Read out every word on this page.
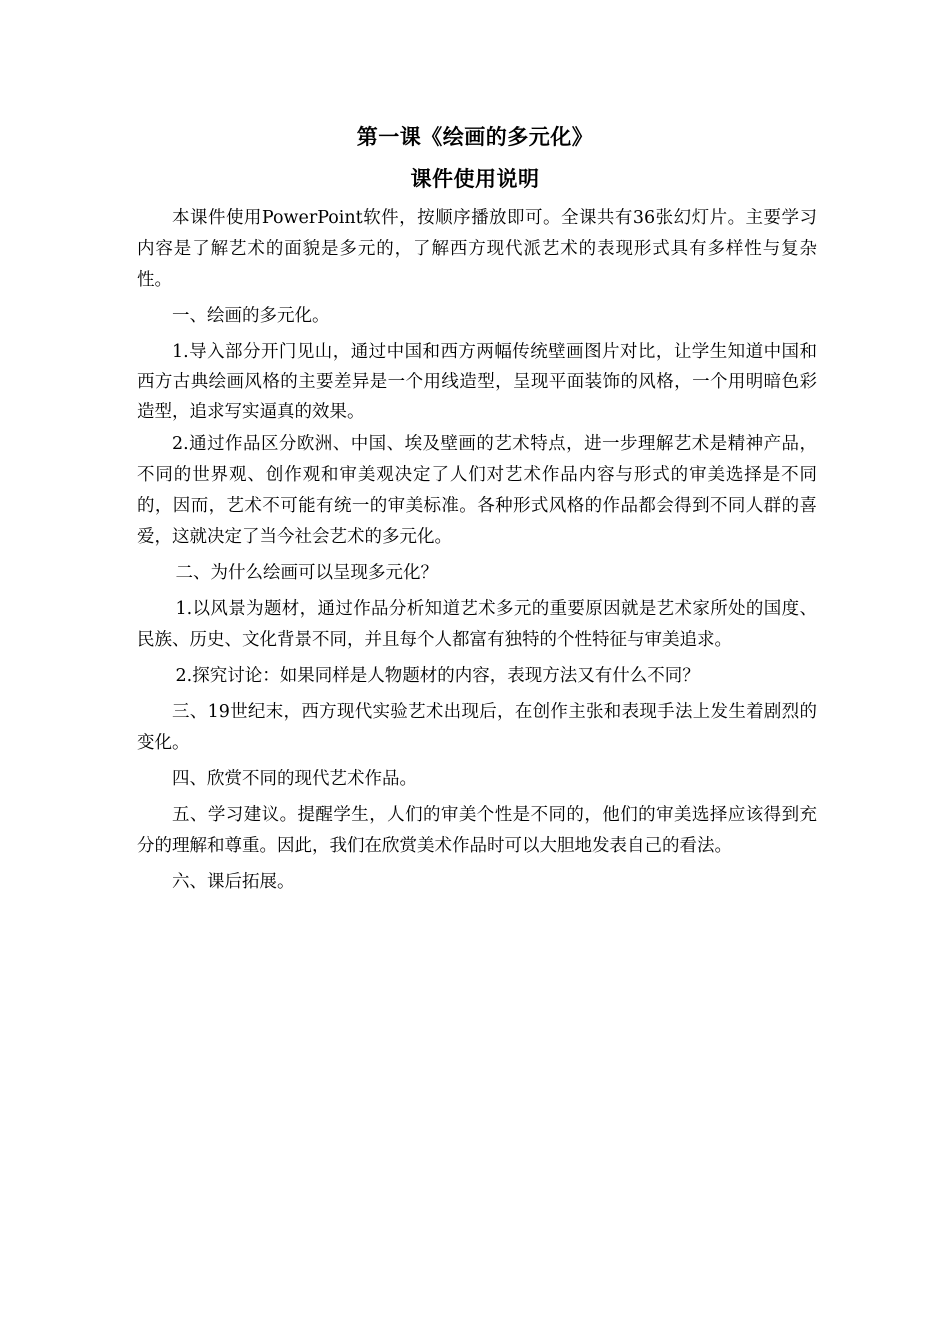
第一课《绘画的多元化》
课件使用说明

本课件使用PowerPoint软件，按顺序播放即可。全课共有36张幻灯片。主要学习内容是了解艺术的面貌是多元的，了解西方现代派艺术的表现形式具有多样性与复杂性。

一、绘画的多元化。

1.导入部分开门见山，通过中国和西方两幅传统壁画图片对比，让学生知道中国和西方古典绘画风格的主要差异是一个用线造型，呈现平面装饰的风格，一个用明暗色彩造型，追求写实逼真的效果。

2.通过作品区分欧洲、中国、埃及壁画的艺术特点，进一步理解艺术是精神产品，不同的世界观、创作观和审美观决定了人们对艺术作品内容与形式的审美选择是不同的，因而，艺术不可能有统一的审美标准。各种形式风格的作品都会得到不同人群的喜爱，这就决定了当今社会艺术的多元化。

二、为什么绘画可以呈现多元化？

1.以风景为题材，通过作品分析知道艺术多元的重要原因就是艺术家所处的国度、民族、历史、文化背景不同，并且每个人都富有独特的个性特征与审美追求。

2.探究讨论：如果同样是人物题材的内容，表现方法又有什么不同？

三、19世纪末，西方现代实验艺术出现后，在创作主张和表现手法上发生着剧烈的变化。

四、欣赏不同的现代艺术作品。

五、学习建议。提醒学生，人们的审美个性是不同的，他们的审美选择应该得到充分的理解和尊重。因此，我们在欣赏美术作品时可以大胆地发表自己的看法。

六、课后拓展。
